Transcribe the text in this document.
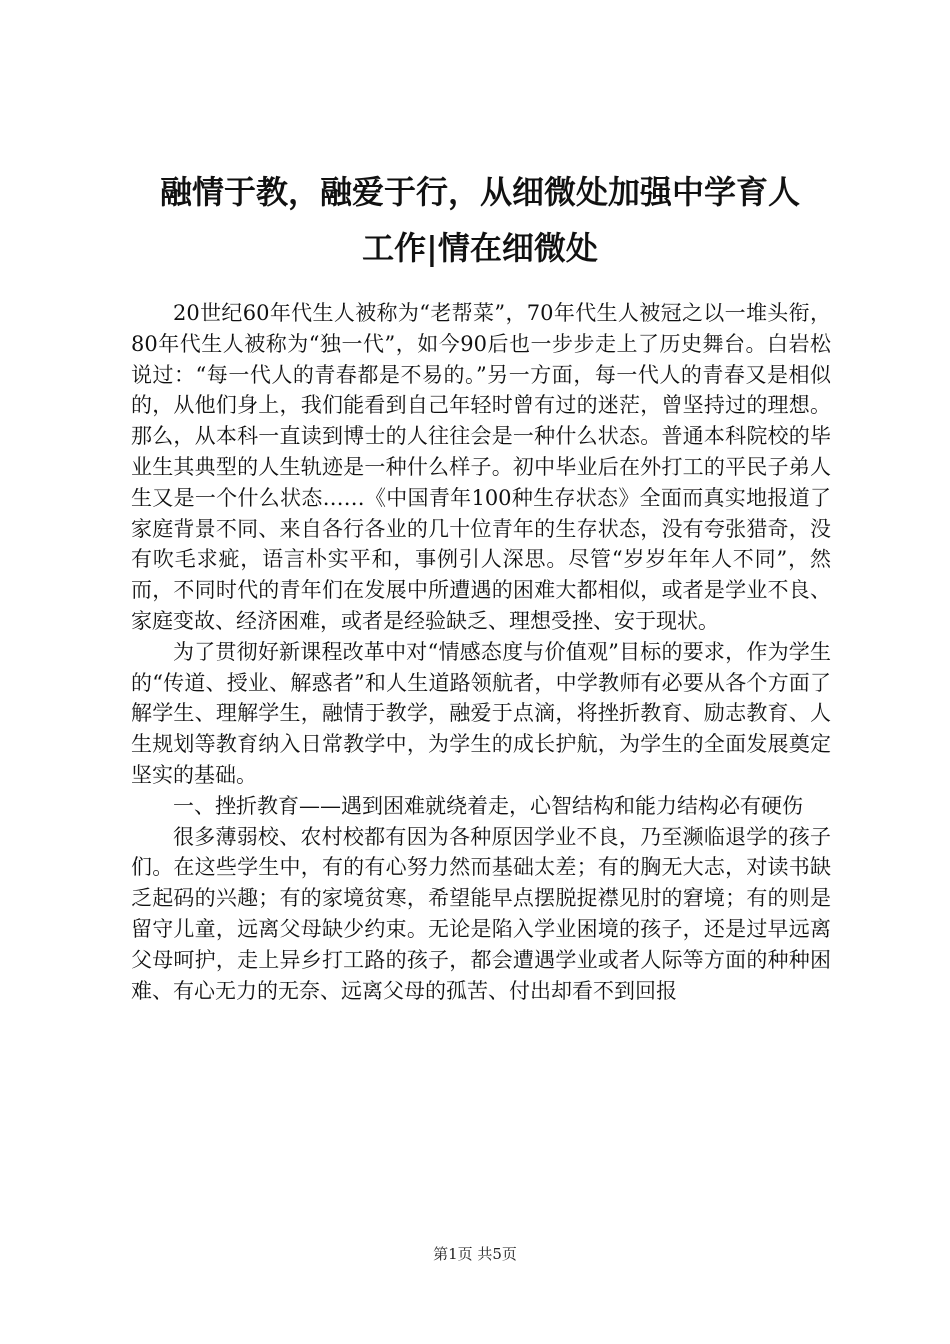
融情于教，融爱于行，从细微处加强中学育人
工作|情在细微处

20世纪60年代生人被称为“老帮菜”，70年代生人被冠之以一堆头衔，80年代生人被称为“独一代”，如今90后也一步步走上了历史舞台。白岩松说过：“每一代人的青春都是不易的。”另一方面，每一代人的青春又是相似的，从他们身上，我们能看到自己年轻时曾有过的迷茫，曾坚持过的理想。那么，从本科一直读到博士的人往往会是一种什么状态。普通本科院校的毕业生其典型的人生轨迹是一种什么样子。初中毕业后在外打工的平民子弟人生又是一个什么状态……《中国青年100种生存状态》全面而真实地报道了家庭背景不同、来自各行各业的几十位青年的生存状态，没有夸张猎奇，没有吹毛求疵，语言朴实平和，事例引人深思。尽管“岁岁年年人不同”，然而，不同时代的青年们在发展中所遭遇的困难大都相似，或者是学业不良、家庭变故、经济困难，或者是经验缺乏、理想受挫、安于现状。

为了贯彻好新课程改革中对“情感态度与价值观”目标的要求，作为学生的“传道、授业、解惑者”和人生道路领航者，中学教师有必要从各个方面了解学生、理解学生，融情于教学，融爱于点滴，将挫折教育、励志教育、人生规划等教育纳入日常教学中，为学生的成长护航，为学生的全面发展奠定坚实的基础。

一、挫折教育——遇到困难就绕着走，心智结构和能力结构必有硬伤

很多薄弱校、农村校都有因为各种原因学业不良，乃至濒临退学的孩子们。在这些学生中，有的有心努力然而基础太差；有的胸无大志，对读书缺乏起码的兴趣；有的家境贫寒，希望能早点摆脱捉襟见肘的窘境；有的则是留守儿童，远离父母缺少约束。无论是陷入学业困境的孩子，还是过早远离父母呵护，走上异乡打工路的孩子，都会遭遇学业或者人际等方面的种种困难、有心无力的无奈、远离父母的孤苦、付出却看不到回报

第1页 共5页
